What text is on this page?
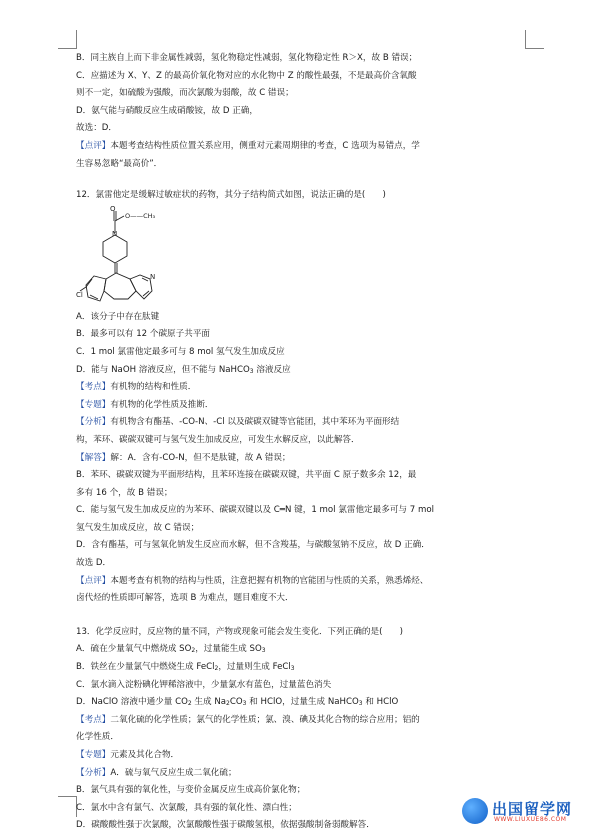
B．同主族自上而下非金属性减弱，氢化物稳定性减弱，氢化物稳定性 R＞X，故 B 错误；

C．应描述为 X、Y、Z 的最高价氧化物对应的水化物中 Z 的酸性最强，不是最高价含氧酸

则不一定，如硫酸为强酸，而次氯酸为弱酸，故 C 错误；

D．氨气能与硝酸反应生成硝酸铵，故 D 正确，

故选：D．

【点评】本题考查结构性质位置关系应用，侧重对元素周期律的考查，C 选项为易错点，学

生容易忽略“最高价”．

12．氯雷他定是缓解过敏症状的药物，其分子结构简式如图，说法正确的是(　　)

O
O——CH₃
N
N
Cl

A．该分子中存在肽键

B．最多可以有 12 个碳原子共平面

C．1 mol 氯雷他定最多可与 8 mol 氢气发生加成反应

D．能与 NaOH 溶液反应，但不能与 NaHCO$_3$ 溶液反应

【考点】有机物的结构和性质．

【专题】有机物的化学性质及推断．

【分析】有机物含有酯基、‐CO‐N、‐Cl 以及碳碳双键等官能团，其中苯环为平面形结

构，苯环、碳碳双键可与氢气发生加成反应，可发生水解反应，以此解答．

【解答】解：A．含有‐CO‐N，但不是肽键，故 A 错误；

B．苯环、碳碳双键为平面形结构，且苯环连接在碳碳双键，共平面 C 原子数多余 12，最

多有 16 个，故 B 错误；

C．能与氢气发生加成反应的为苯环、碳碳双键以及 C═N 键，1 mol 氯雷他定最多可与 7 mol

氢气发生加成反应，故 C 错误；

D．含有酯基，可与氢氧化钠发生反应而水解，但不含羧基，与碳酸氢钠不反应，故 D 正确．

故选 D．

【点评】本题考查有机物的结构与性质，注意把握有机物的官能团与性质的关系，熟悉烯烃、

卤代烃的性质即可解答，选项 B 为难点，题目难度不大．

13．化学反应时，反应物的量不同，产物或现象可能会发生变化．下列正确的是(　　)

A．硫在少量氧气中燃烧成 $SO_2$，过量能生成 $SO_3$

B．铁丝在少量氯气中燃烧生成 FeCl$_2$，过量则生成 FeCl$_3$

C．氯水滴入淀粉碘化钾稀溶液中，少量氯水有蓝色，过量蓝色消失

D．NaClO 溶液中通少量 $CO_2$ 生成 $Na_2CO_3$ 和 HClO，过量生成 NaHCO$_3$ 和 HClO

【考点】二氧化硫的化学性质；氯气的化学性质；氯、溴、碘及其化合物的综合应用；铝的

化学性质．

【专题】元素及其化合物．

【分析】A．硫与氧气反应生成二氧化硫；

B．氯气具有强的氧化性，与变价金属反应生成高价氯化物；

C．氯水中含有氯气、次氯酸，具有强的氧化性、漂白性；

D．碳酸酸性强于次氯酸，次氯酸酸性强于碳酸氢根，依据强酸制备弱酸解答．

出国留学网
WWW.LIUXUE86.COM
